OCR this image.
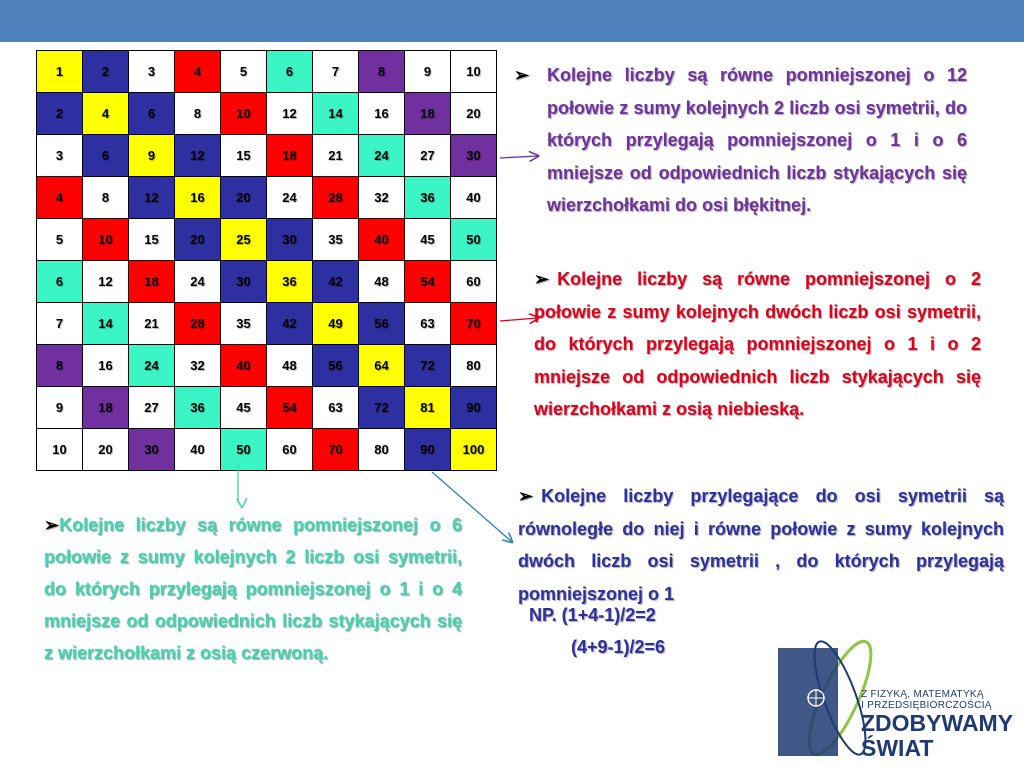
1	2	3	4	5	6	7	8	9	10
2	4	6	8	10	12	14	16	18	20
3	6	9	12	15	18	21	24	27	30
4	8	12	16	20	24	28	32	36	40
5	10	15	20	25	30	35	40	45	50
6	12	18	24	30	36	42	48	54	60
7	14	21	28	35	42	49	56	63	70
8	16	24	32	40	48	56	64	72	80
9	18	27	36	45	54	63	72	81	90
10	20	30	40	50	60	70	80	90	100
➢ Kolejne liczby są równe pomniejszonej o 12 połowie z sumy kolejnych 2 liczb osi symetrii, do których przylegają pomniejszonej o 1 i o 6 mniejsze od odpowiednich liczb stykających się wierzchołkami do osi błękitnej.
➢ Kolejne liczby są równe pomniejszonej o 2 połowie z sumy kolejnych dwóch liczb osi symetrii, do których przylegają pomniejszonej o 1 i o 2 mniejsze od odpowiednich liczb stykających się wierzchołkami z osią niebieską.
➢ Kolejne liczby przylegające do osi symetrii są równoległe do niej i równe połowie z sumy kolejnych dwóch liczb osi symetrii , do których przylegają pomniejszonej o 1
NP. (1+4-1)/2=2
(4+9-1)/2=6
➢Kolejne liczby są równe pomniejszonej o 6 połowie z sumy kolejnych 2 liczb osi symetrii, do których przylegają pomniejszonej o 1 i o 4 mniejsze od odpowiednich liczb stykających się z wierzchołkami z osią czerwoną.
Z FIZYKĄ, MATEMATYKĄ
I PRZEDSIĘBIORCZOŚCIĄ
ZDOBYWAMY
ŚWIAT
